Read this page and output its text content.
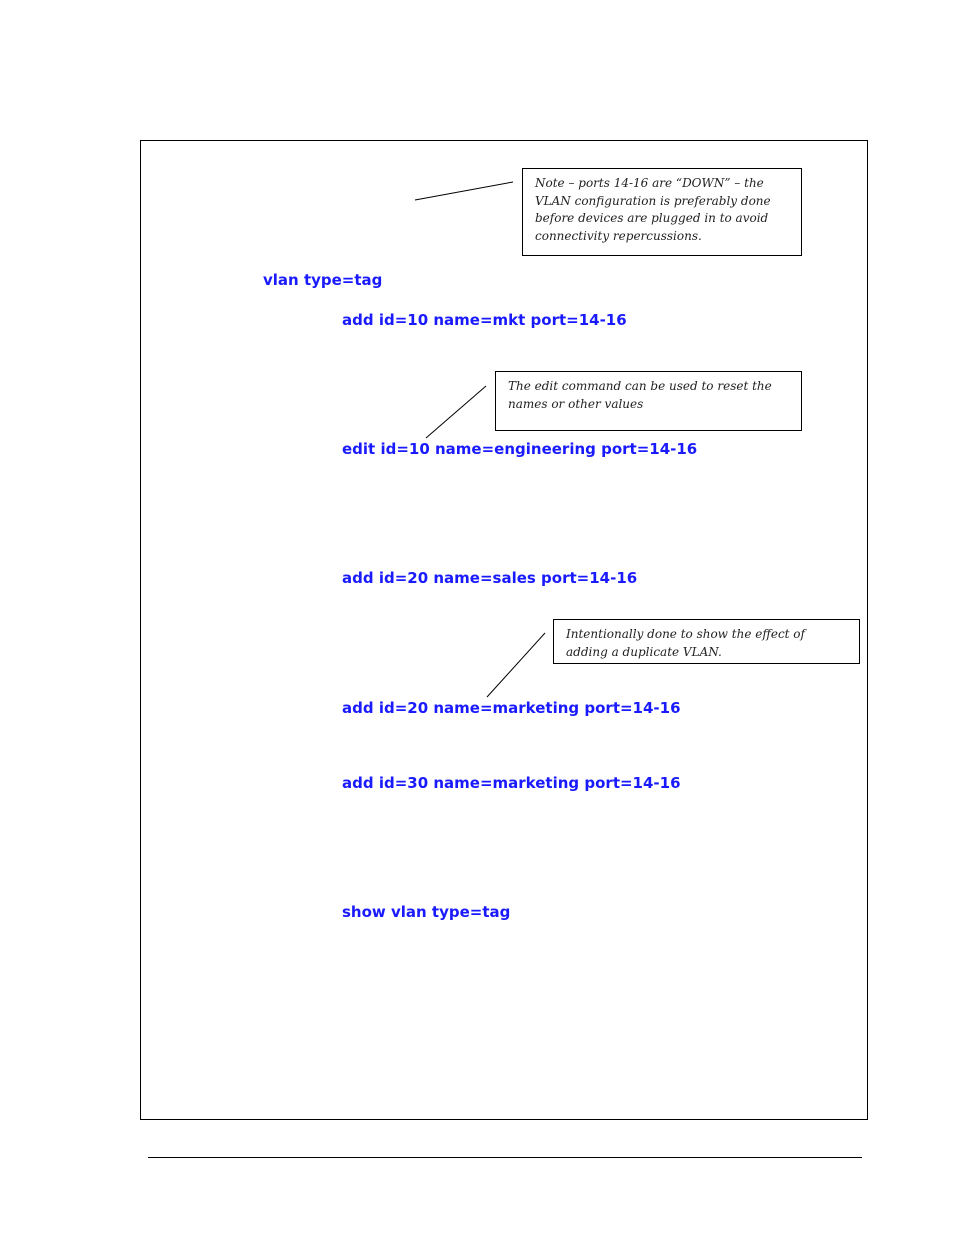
Note – ports 14-16 are “DOWN” – the VLAN configuration is preferably done before devices are plugged in to avoid connectivity repercussions.
The edit command can be used to reset the names or other values
Intentionally done to show the effect of adding a duplicate VLAN.
vlan type=tag
add id=10 name=mkt port=14-16
edit id=10 name=engineering port=14-16
add id=20 name=sales port=14-16
add id=20 name=marketing port=14-16
add id=30 name=marketing port=14-16
show vlan type=tag
